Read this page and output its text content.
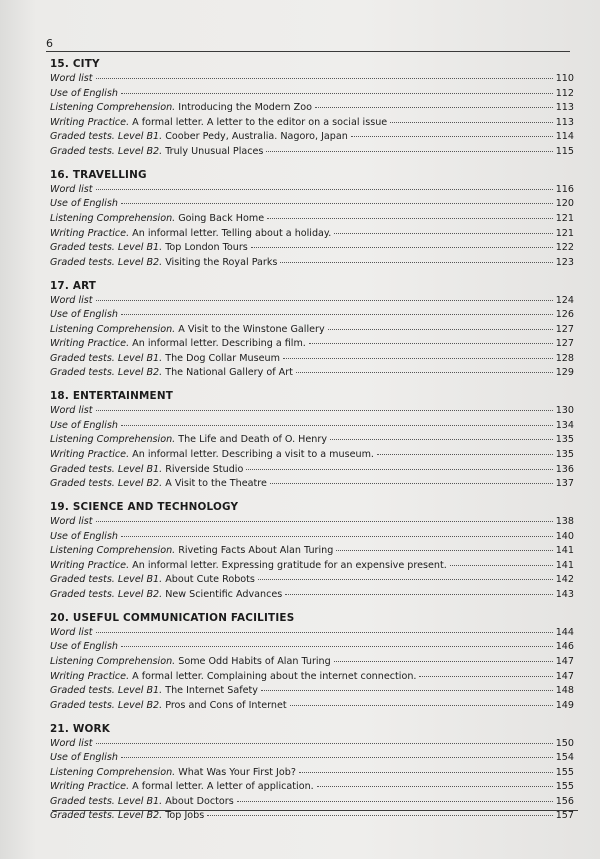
6
15. CITY
Word list	110
Use of English	112
Listening Comprehension . Introducing the Modern Zoo	113
Writing Practice . A formal letter. A letter to the editor on a social issue	113
Graded tests. Level B1 . Coober Pedy, Australia. Nagoro, Japan	114
Graded tests. Level B2 . Truly Unusual Places	115
16. TRAVELLING
Word list	116
Use of English	120
Listening Comprehension . Going Back Home	121
Writing Practice . An informal letter. Telling about a holiday.	121
Graded tests. Level B1 . Top London Tours	122
Graded tests. Level B2 . Visiting the Royal Parks	123
17. ART
Word list	124
Use of English	126
Listening Comprehension . A Visit to the Winstone Gallery	127
Writing Practice . An informal letter. Describing a film.	127
Graded tests. Level B1 . The Dog Collar Museum	128
Graded tests. Level B2 . The National Gallery of Art	129
18. ENTERTAINMENT
Word list	130
Use of English	134
Listening Comprehension . The Life and Death of O. Henry	135
Writing Practice . An informal letter. Describing a visit to a museum.	135
Graded tests. Level B1 . Riverside Studio	136
Graded tests. Level B2 . A Visit to the Theatre	137
19. SCIENCE AND TECHNOLOGY
Word list	138
Use of English	140
Listening Comprehension . Riveting Facts About Alan Turing	141
Writing Practice . An informal letter. Expressing gratitude for an expensive present.	141
Graded tests. Level B1 . About Cute Robots	142
Graded tests. Level B2 . New Scientific Advances	143
20. USEFUL COMMUNICATION FACILITIES
Word list	144
Use of English	146
Listening Comprehension . Some Odd Habits of Alan Turing	147
Writing Practice . A formal letter. Complaining about the internet connection.	147
Graded tests. Level B1 . The Internet Safety	148
Graded tests. Level B2 . Pros and Cons of Internet	149
21. WORK
Word list	150
Use of English	154
Listening Comprehension . What Was Your First Job?	155
Writing Practice . A formal letter. A letter of application.	155
Graded tests. Level B1 . About Doctors	156
Graded tests. Level B2 . Top Jobs	157
